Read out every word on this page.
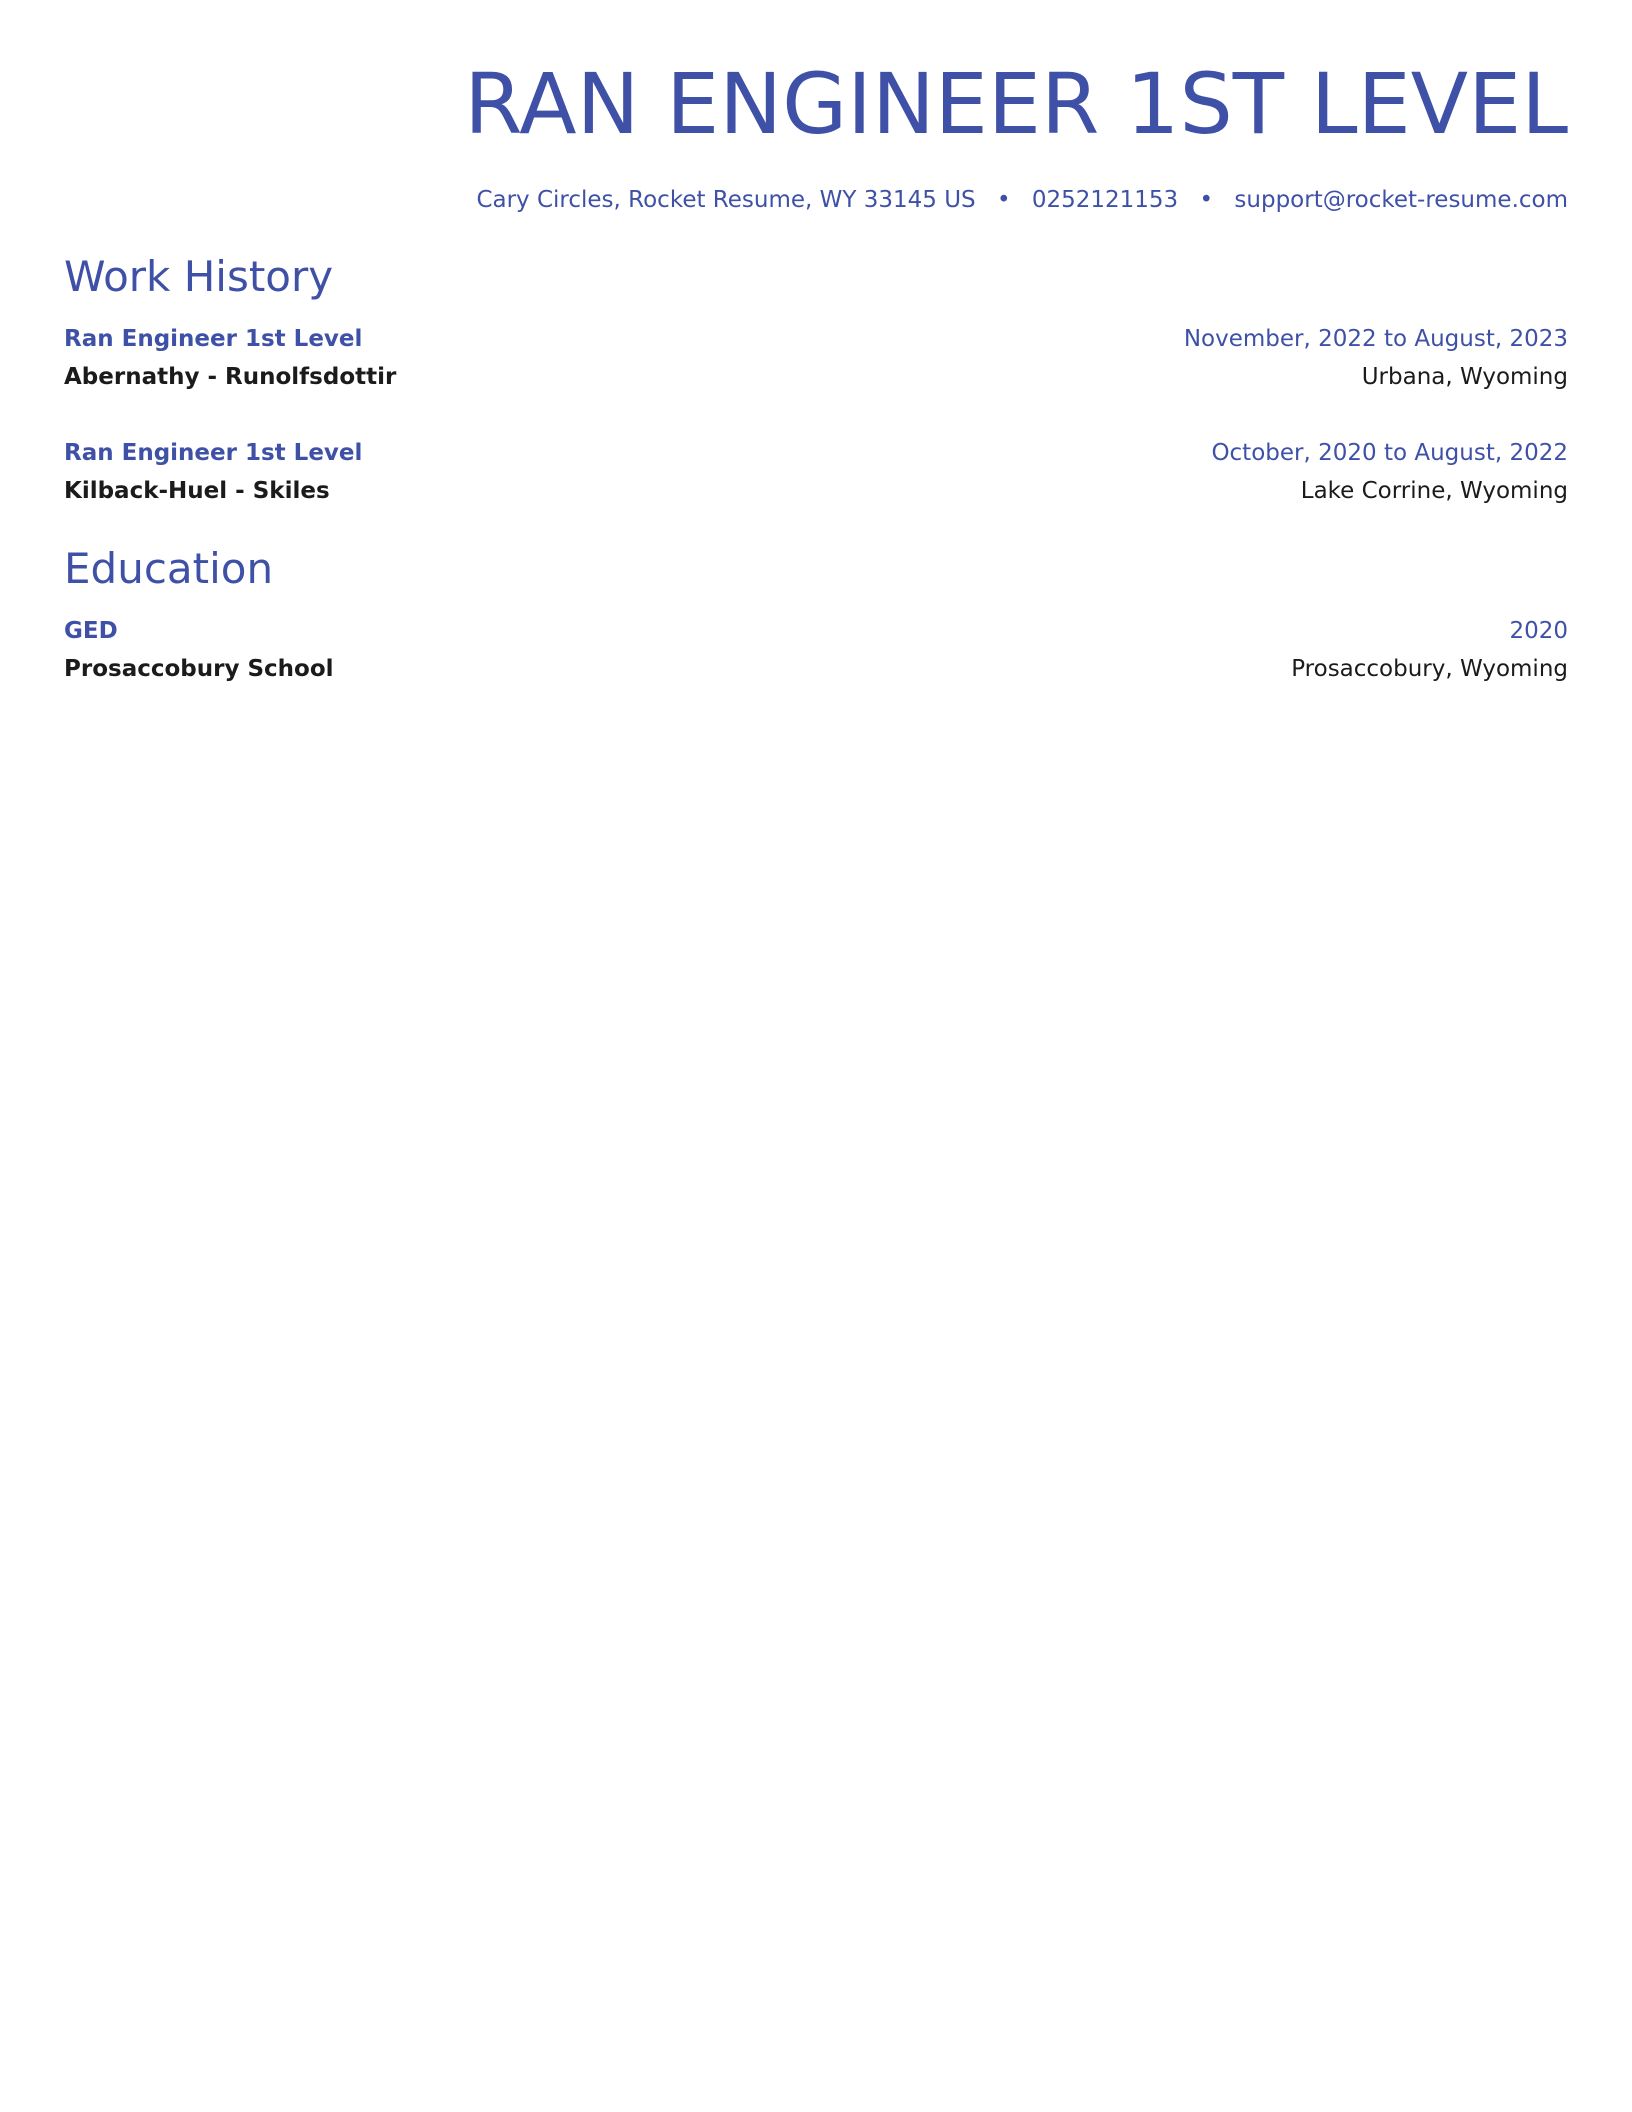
RAN ENGINEER 1ST LEVEL
Cary Circles, Rocket Resume, WY 33145 US • 0252121153 • support@rocket-resume.com
Work History
Ran Engineer 1st Level	November, 2022 to August, 2023
Abernathy - Runolfsdottir	Urbana, Wyoming
Ran Engineer 1st Level	October, 2020 to August, 2022
Kilback-Huel - Skiles	Lake Corrine, Wyoming
Education
GED	2020
Prosaccobury School	Prosaccobury, Wyoming
